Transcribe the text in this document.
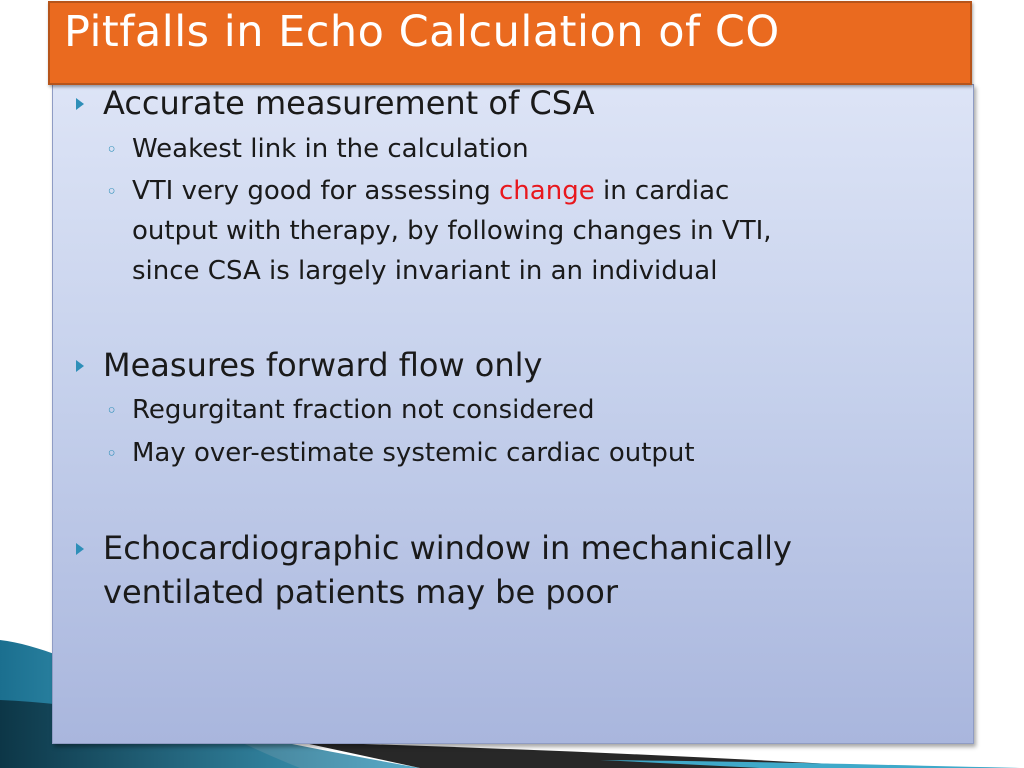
Pitfalls in Echo Calculation of CO
Accurate measurement of CSA
◦ Weakest link in the calculation
◦ VTI very good for assessing change in cardiac
output with therapy, by following changes in VTI,
since CSA is largely invariant in an individual
Measures forward flow only
◦ Regurgitant fraction not considered
◦ May over-estimate systemic cardiac output
Echocardiographic window in mechanically
ventilated patients may be poor
